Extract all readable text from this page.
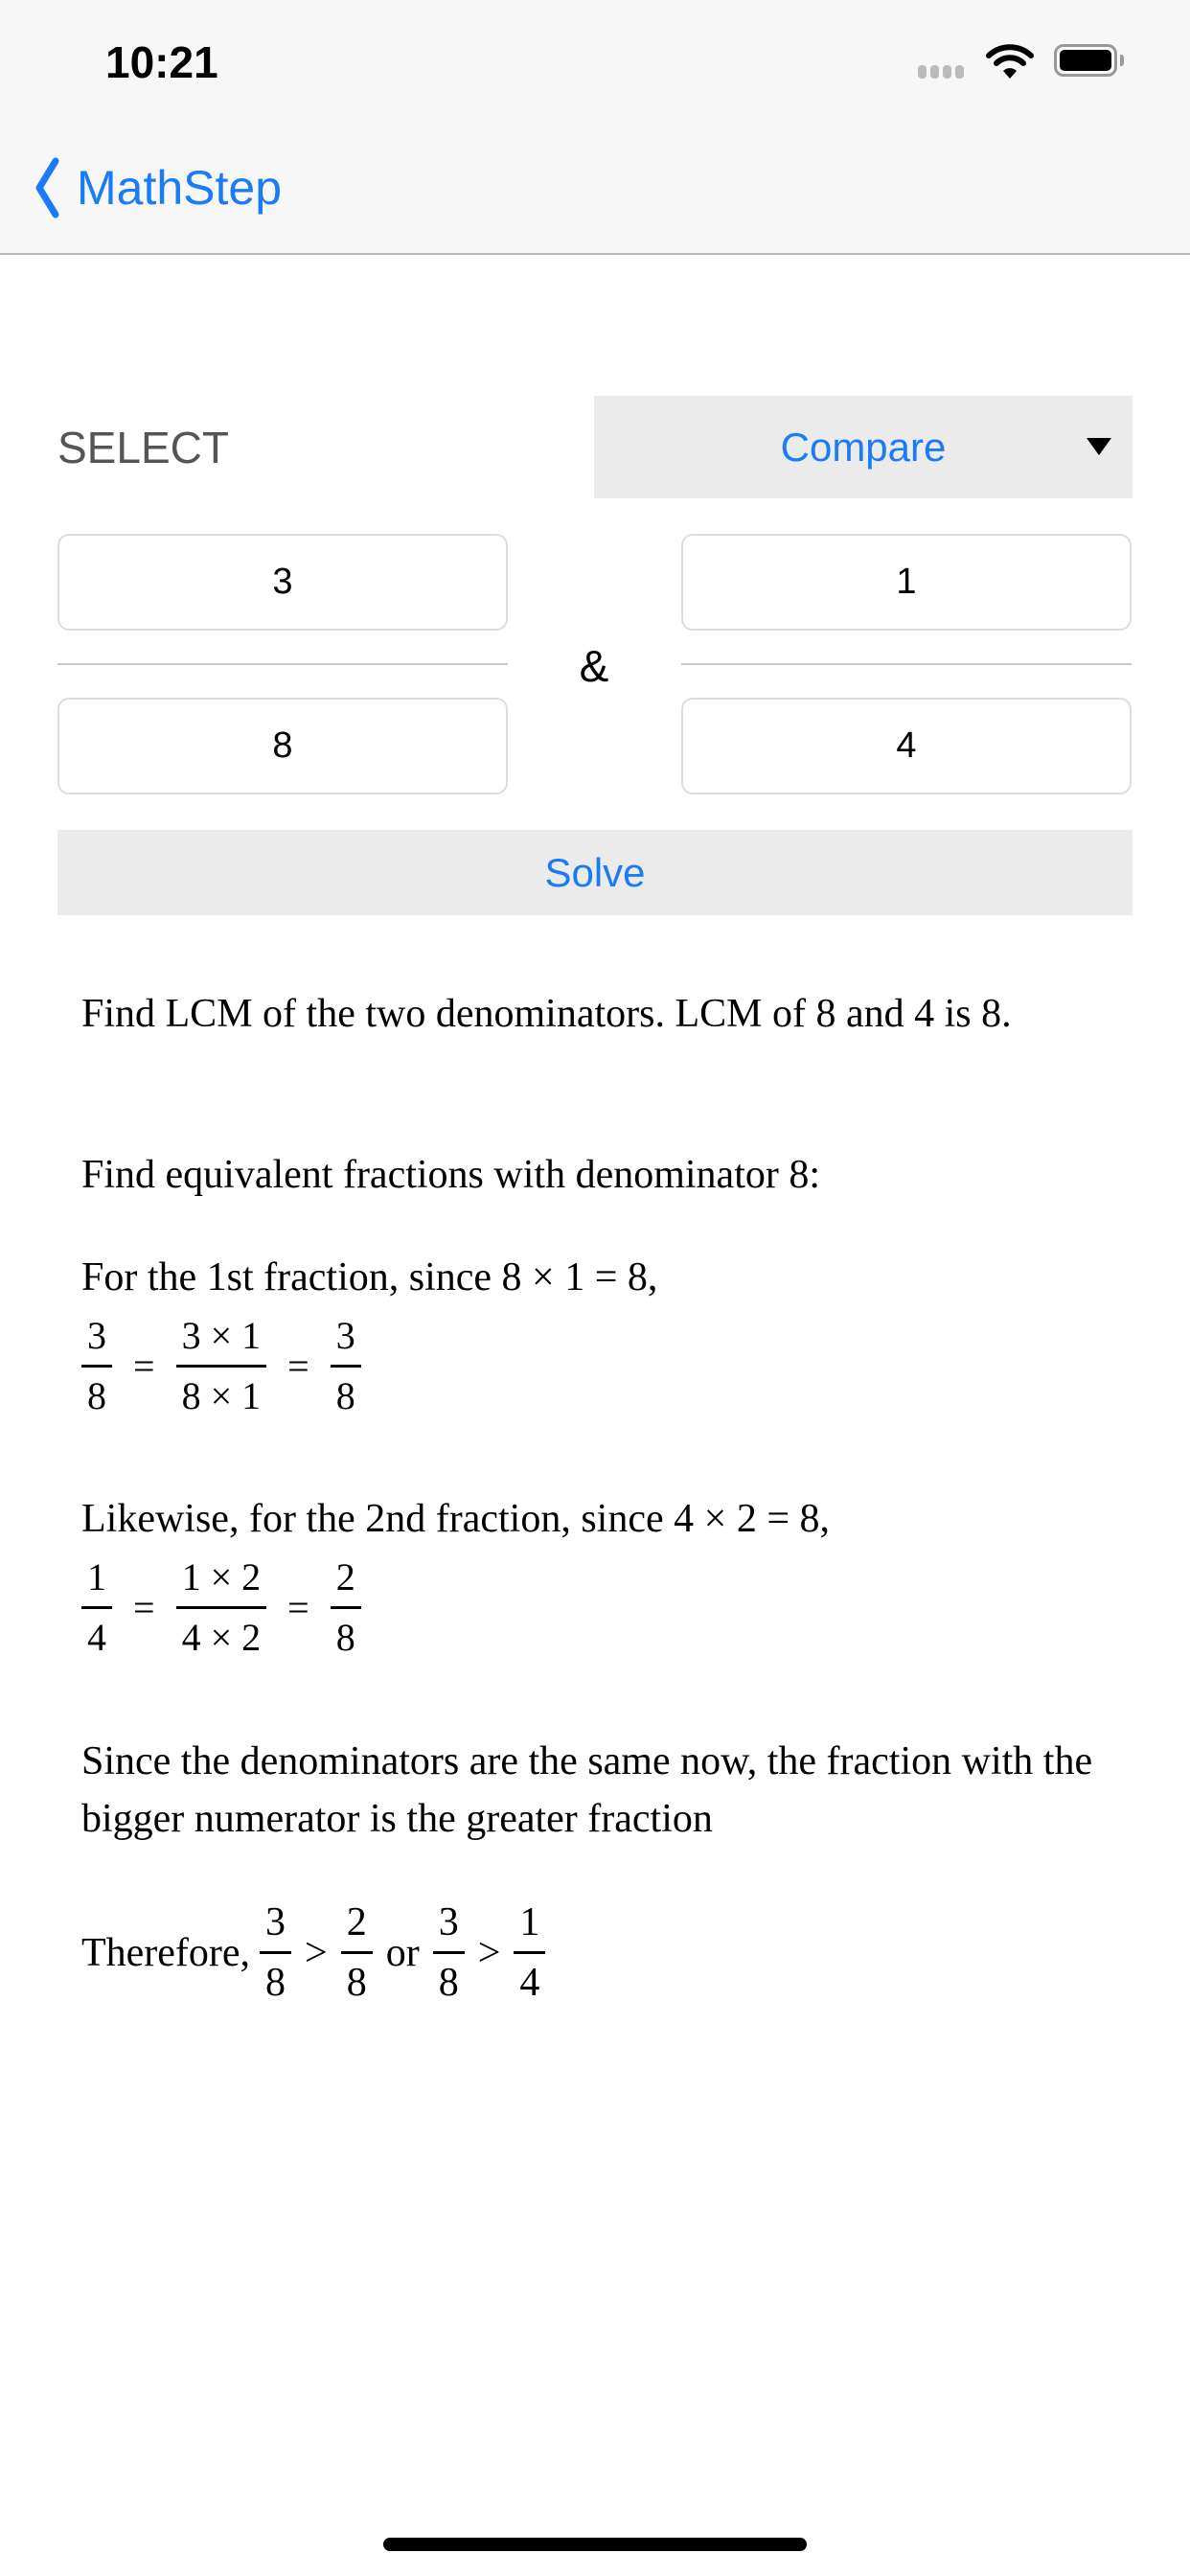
10:21
MathStep
SELECT	Compare
3	1
&
8	4
Solve
Find LCM of the two denominators. LCM of 8 and 4 is 8.
Find equivalent fractions with denominator 8:
For the 1st fraction, since 8 × 1 = 8,
$\frac{3}{8} = \frac{3 \times 1}{8 \times 1} = \frac{3}{8}$
Likewise, for the 2nd fraction, since 4 × 2 = 8,
$\frac{1}{4} = \frac{1 \times 2}{4 \times 2} = \frac{2}{8}$
Since the denominators are the same now, the fraction with the bigger numerator is the greater fraction
Therefore, $\frac{3}{8} > \frac{2}{8}$ or $\frac{3}{8} > \frac{1}{4}$
